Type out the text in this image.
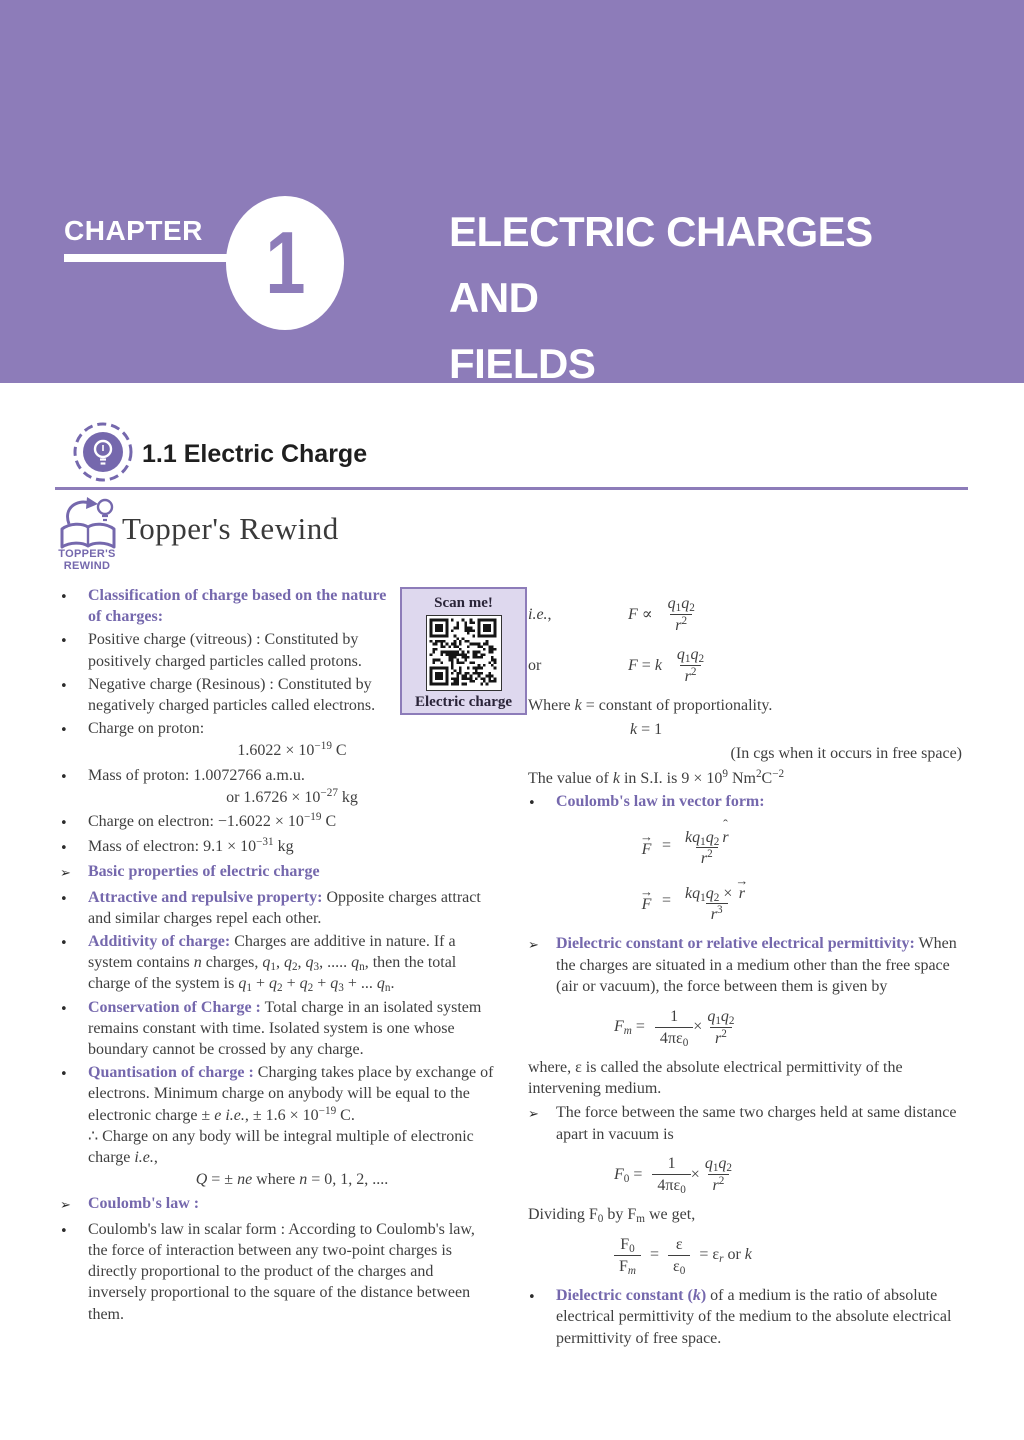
CHAPTER 1	ELECTRIC CHARGES AND
FIELDS
1.1 Electric Charge
TOPPER'S
REWIND
Topper's Rewind
Scan me!
Electric charge
•	Classification of charge based on the nature of charges:

•	Positive charge (vitreous) : Constituted by positively charged particles called protons.

•	Negative charge (Resinous) : Constituted by negatively charged particles called electrons.

•	Charge on proton:

$1.6022 \times 10^{-19}$ C
•	Mass of proton: 1.0072766 a.m.u.

or $1.6726 \times 10^{-27}$ kg
•	Charge on electron: $-1.6022 \times 10^{-19}$ C

•	Mass of electron: $9.1 \times 10^{-31}$ kg

➢	Basic properties of electric charge

•	Attractive and repulsive property: Opposite charges attract and similar charges repel each other.

•	Additivity of charge: Charges are additive in nature. If a system contains n charges, $q_1$, $q_2$, $q_3$, ..... $q_n$, then the total charge of the system is $q_1 + q_2 + q_2 + q_3$ + ... $q_n$.

•	Conservation of Charge : Total charge in an isolated system remains constant with time. Isolated system is one whose boundary cannot be crossed by any charge.

•	Quantisation of charge : Charging takes place by exchange of electrons. Minimum charge on anybody will be equal to the electronic charge ± e i.e., ± $1.6 \times 10^{-19}$ C.

∴ Charge on any body will be integral multiple of electronic charge i.e.,

Q = ± ne where n = 0, 1, 2, ....
➢	Coulomb's law :

•	Coulomb's law in scalar form : According to Coulomb's law, the force of interaction between any two-point charges is directly proportional to the product of the charges and inversely proportional to the square of the distance between them.

i.e.,	$F \propto \frac{q_1q_2}{r^2}$
or	F = k $\frac{q_1q_2}{r^2}$

Where k = constant of proportionality.

k = 1

(In cgs when it occurs in free space)

The value of k in S.I. is $9 \times 10^9$ $Nm^2C^{-2}$

•	Coulomb's law in vector form:

→
$F = kq_1q_2$
ˆ
r
$r^2$
→
$F = kq_1q_2$ ×
→
r
$r^3$
➢	Dielectric constant or relative electrical permittivity: When the charges are situated in a medium other than the free space (air or vacuum), the force between them is given by

$F_m = \frac{1}{4\pi\varepsilon_0} \times \frac{q_1q_2}{r^2}$

where, ε is called the absolute electrical permittivity of the intervening medium.

➢	The force between the same two charges held at same distance apart in vacuum is

$F_0 = \frac{1}{4\pi\varepsilon_0} \times \frac{q_1q_2}{r^2}$

Dividing $F_0$ by $F_m$ we get,

$\frac{F_0}{F_m} = \frac{\varepsilon}{\varepsilon_0} = \varepsilon_r$ or k
•	Dielectric constant (k) of a medium is the ratio of absolute electrical permittivity of the medium to the absolute electrical permittivity of free space.
